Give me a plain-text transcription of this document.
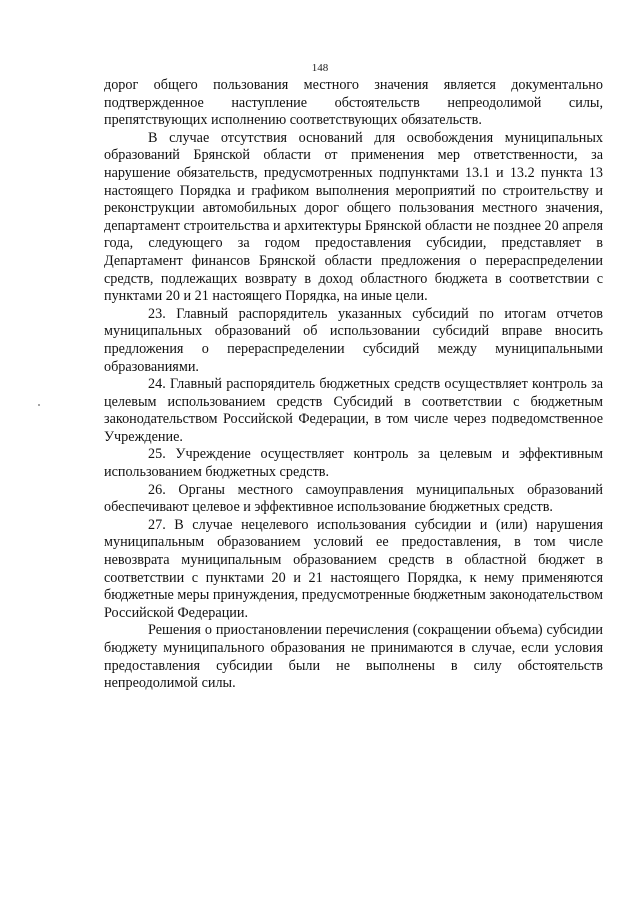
148

дорог общего пользования местного значения является документально подтвержденное наступление обстоятельств непреодолимой силы, препятствующих исполнению соответствующих обязательств.

В случае отсутствия оснований для освобождения муниципальных образований Брянской области от применения мер ответственности, за нарушение обязательств, предусмотренных подпунктами 13.1 и 13.2 пункта 13 настоящего Порядка и графиком выполнения мероприятий по строительству и реконструкции автомобильных дорог общего пользования местного значения, департамент строительства и архитектуры Брянской области не позднее 20 апреля года, следующего за годом предоставления субсидии, представляет в Департамент финансов Брянской области предложения о перераспределении средств, подлежащих возврату в доход областного бюджета в соответствии с пунктами 20 и 21 настоящего Порядка, на иные цели.

23. Главный распорядитель указанных субсидий по итогам отчетов муниципальных образований об использовании субсидий вправе вносить предложения о перераспределении субсидий между муниципальными образованиями.

24. Главный распорядитель бюджетных средств осуществляет контроль за целевым использованием средств Субсидий в соответствии с бюджетным законодательством Российской Федерации, в том числе через подведомственное Учреждение.

25. Учреждение осуществляет контроль за целевым и эффективным использованием бюджетных средств.

26. Органы местного самоуправления муниципальных образований обеспечивают целевое и эффективное использование бюджетных средств.

27. В случае нецелевого использования субсидии и (или) нарушения муниципальным образованием условий ее предоставления, в том числе невозврата муниципальным образованием средств в областной бюджет в соответствии с пунктами 20 и 21 настоящего Порядка, к нему применяются бюджетные меры принуждения, предусмотренные бюджетным законодательством Российской Федерации.

Решения о приостановлении перечисления (сокращении объема) субсидии бюджету муниципального образования не принимаются в случае, если условия предоставления субсидии были не выполнены в силу обстоятельств непреодолимой силы.
